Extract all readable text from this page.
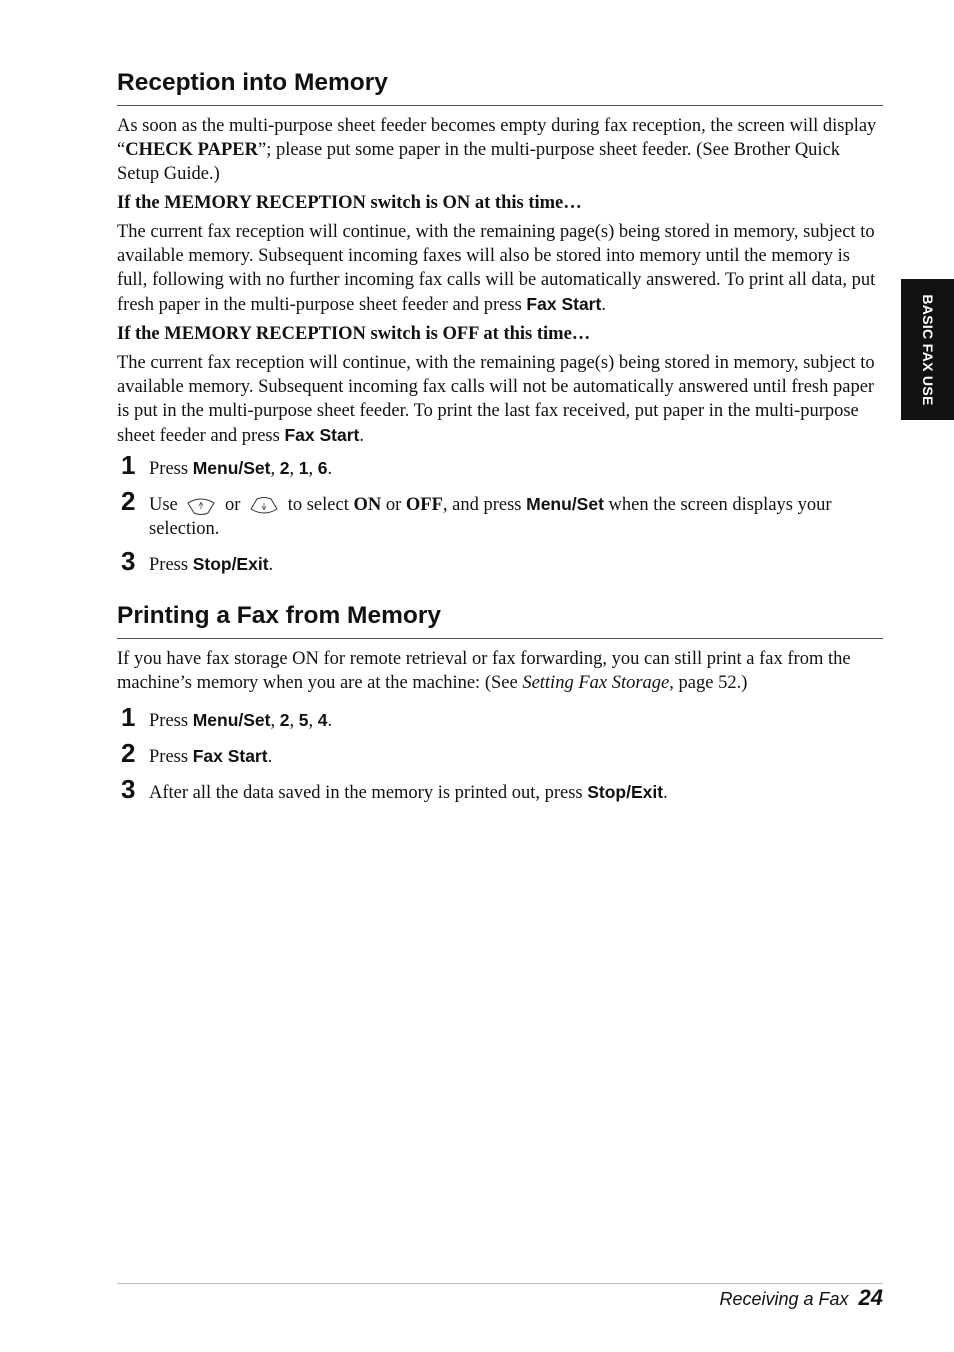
BASIC FAX USE
Reception into Memory

As soon as the multi-purpose sheet feeder becomes empty during fax reception, the screen will display “CHECK PAPER”; please put some paper in the multi-purpose sheet feeder. (See Brother Quick Setup Guide.)

If the MEMORY RECEPTION switch is ON at this time…

The current fax reception will continue, with the remaining page(s) being stored in memory, subject to available memory. Subsequent incoming faxes will also be stored into memory until the memory is full, following with no further incoming fax calls will be automatically answered. To print all data, put fresh paper in the multi-purpose sheet feeder and press Fax Start.

If the MEMORY RECEPTION switch is OFF at this time…

The current fax reception will continue, with the remaining page(s) being stored in memory, subject to available memory. Subsequent incoming fax calls will not be automatically answered until fresh paper is put in the multi-purpose sheet feeder. To print the last fax received, put paper in the multi-purpose sheet feeder and press Fax Start.

1 Press Menu/Set, 2, 1, 6.
2 Use	or	to select ON or OFF, and press Menu/Set when the screen displays your selection.
3 Press Stop/Exit.
Printing a Fax from Memory

If you have fax storage ON for remote retrieval or fax forwarding, you can still print a fax from the machine’s memory when you are at the machine: (See Setting Fax Storage, page 52.)

1 Press Menu/Set, 2, 5, 4.
2 Press Fax Start.
3 After all the data saved in the memory is printed out, press Stop/Exit.
Receiving a Fax 24
